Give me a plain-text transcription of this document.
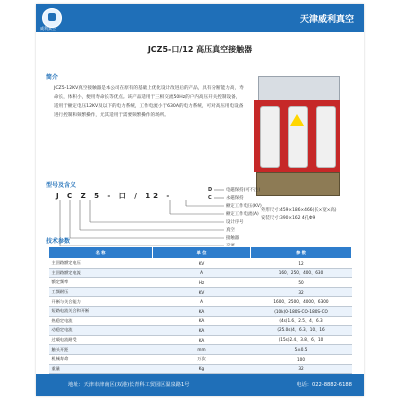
威利真空
天津威利真空
JCZ5-口/12 高压真空接触器
简介
JCZ5-12KV真空接触器是本公司在原有的基础上优化设计改进后的产品，具有分断能力高，寿命长，体积小，便用寿命长等优点。该产品适用于三相交流50Hz的户内高压开关控制设备，适用于额定电压12KV及以下的电力系统，工作电流小于630A的电力系统，可对高压用电设备进行控制和频繁操作，尤其适用于需要频繁操作的场所。
型号及含义
J C Z 5 - 口 / 12 -
D
C
电磁保持(可不注)
永磁保持
额定工作电压(KV)
额定工作电流(A)
设计序号
真空
接触器
外形尺寸:459×186×466(长×宽×高)
安装尺寸:390×162 4孔Φ9
名 称	单 位	参 数
主回路额定电压	KV	12
主回路额定电流	A	160、250、400、630
额定频率	Hz	50
工频耐压	KV	32
开断与关合能力	A	1600、2500、4000、6300
短路电流关合和开断	KA	(10k)0-180S-CO-180S-CO
热稳定电流	KA	(4s)1.6、2.5、4、6.3
动稳定电流	KA	(25.0s)4、6.3、10、16
过载电流耐受	KA	(15s)2.4、3.8、6、10
触头开距	mm	5±0.5
机械寿命	万次	100
重量	Kg	32
地址：天津市津南区(双港)长青科工贸园区温泉路1号	电话：022-8882-6188
技术参数
